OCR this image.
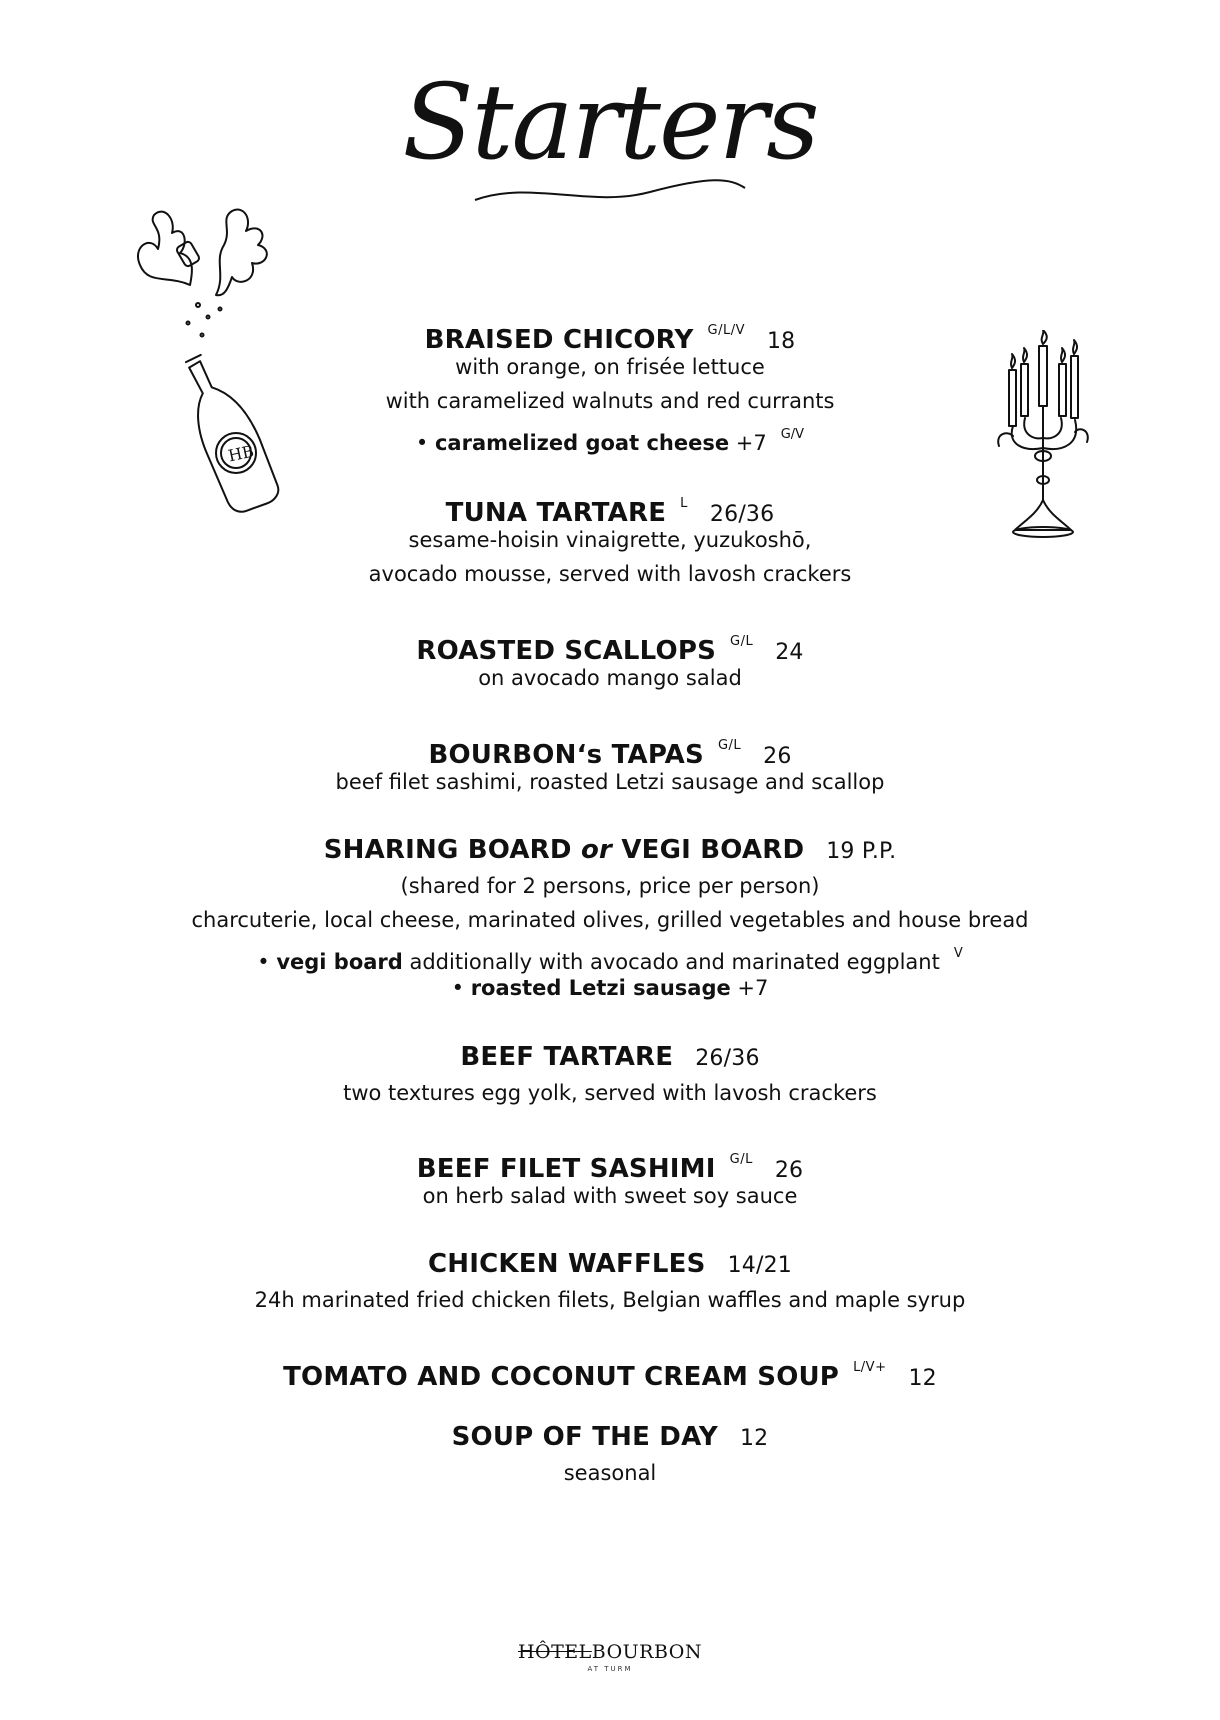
Starters
HB
BRAISED CHICORY $^{G/L/V}$ 18
with orange, on frisée lettuce
with caramelized walnuts and red currants
• caramelized goat cheese +7 $^{G/V}$
TUNA TARTARE $^L$ 26/36
sesame-hoisin vinaigrette, yuzukoshō,
avocado mousse, served with lavosh crackers
ROASTED SCALLOPS $^{G/L}$ 24
on avocado mango salad
BOURBON‘s TAPAS $^{G/L}$ 26
beef filet sashimi, roasted Letzi sausage and scallop
SHARING BOARD or VEGI BOARD 19 P.P.
(shared for 2 persons, price per person)
charcuterie, local cheese, marinated olives, grilled vegetables and house bread
• vegi board additionally with avocado and marinated eggplant $^V$
• roasted Letzi sausage +7
BEEF TARTARE 26/36
two textures egg yolk, served with lavosh crackers
BEEF FILET SASHIMI $^{G/L}$ 26
on herb salad with sweet soy sauce
CHICKEN WAFFLES 14/21
24h marinated fried chicken filets, Belgian waffles and maple syrup
TOMATO AND COCONUT CREAM SOUP $^{L/V+}$ 12
SOUP OF THE DAY 12
seasonal
HÔTELBOURBON
AT TURM
